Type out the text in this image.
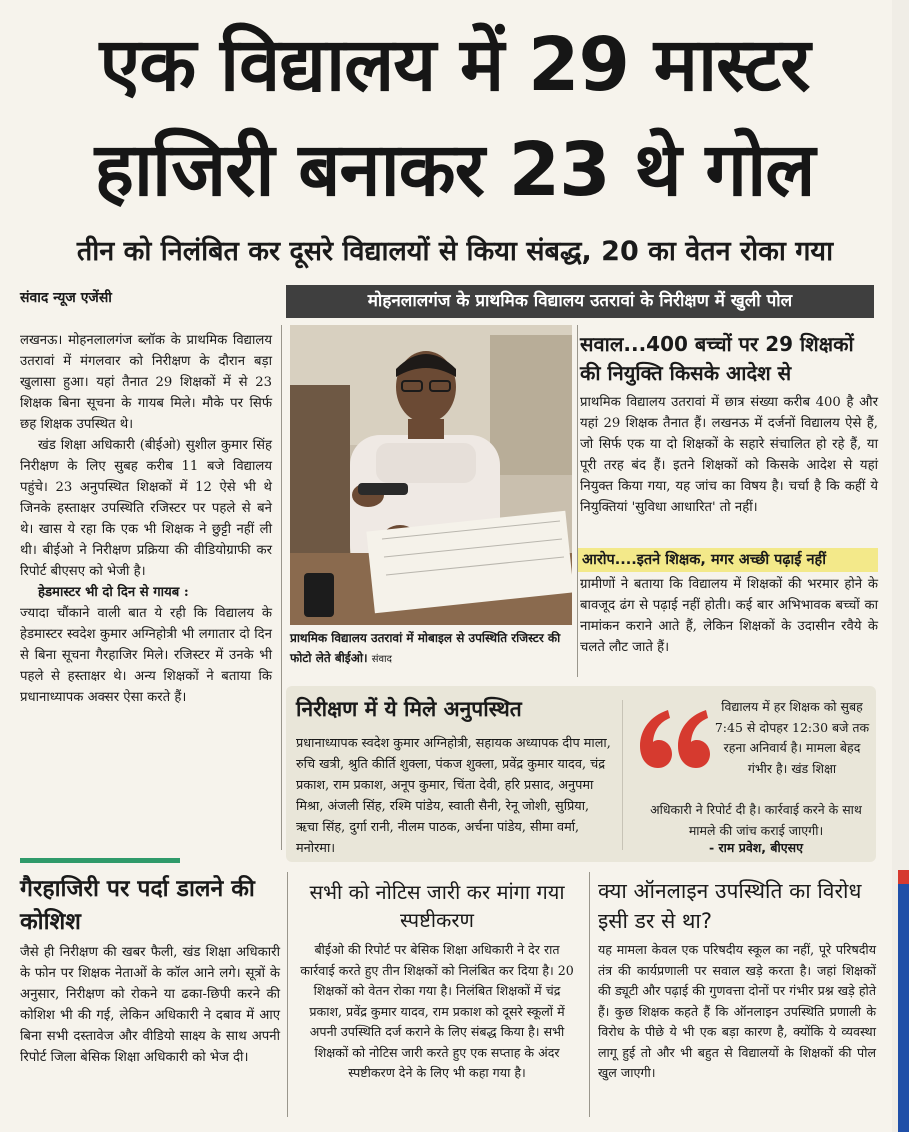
एक विद्यालय में 29 मास्टर
हाजिरी बनाकर 23 थे गोल
तीन को निलंबित कर दूसरे विद्यालयों से किया संबद्ध, 20 का वेतन रोका गया
संवाद न्यूज एजेंसी	मोहनलालगंज के प्राथमिक विद्यालय उतरावां के निरीक्षण में खुली पोल

लखनऊ। मोहनलालगंज ब्लॉक के प्राथमिक विद्यालय उतरावां में मंगलवार को निरीक्षण के दौरान बड़ा खुलासा हुआ। यहां तैनात 29 शिक्षकों में से 23 शिक्षक बिना सूचना के गायब मिले। मौके पर सिर्फ छह शिक्षक उपस्थित थे।

खंड शिक्षा अधिकारी (बीईओ) सुशील कुमार सिंह निरीक्षण के लिए सुबह करीब 11 बजे विद्यालय पहुंचे। 23 अनुपस्थित शिक्षकों में 12 ऐसे भी थे जिनके हस्ताक्षर उपस्थिति रजिस्टर पर पहले से बने थे। खास ये रहा कि एक भी शिक्षक ने छुट्टी नहीं ली थी। बीईओ ने निरीक्षण प्रक्रिया की वीडियोग्राफी कर रिपोर्ट बीएसए को भेजी है।

हेडमास्टर भी दो दिन से गायब :

ज्यादा चौंकाने वाली बात ये रही कि विद्यालय के हेडमास्टर स्वदेश कुमार अग्निहोत्री भी लगातार दो दिन से बिना सूचना गैरहाजिर मिले। रजिस्टर में उनके भी पहले से हस्ताक्षर थे। अन्य शिक्षकों ने बताया कि प्रधानाध्यापक अक्सर ऐसा करते हैं।

प्राथमिक विद्यालय उतरावां में मोबाइल से उपस्थिति रजिस्टर की फोटो लेते बीईओ। संवाद
सवाल...400 बच्चों पर 29 शिक्षकों की नियुक्ति किसके आदेश से
प्राथमिक विद्यालय उतरावां में छात्र संख्या करीब 400 है और यहां 29 शिक्षक तैनात हैं। लखनऊ में दर्जनों विद्यालय ऐसे हैं, जो सिर्फ एक या दो शिक्षकों के सहारे संचालित हो रहे हैं, या पूरी तरह बंद हैं। इतने शिक्षकों को किसके आदेश से यहां नियुक्त किया गया, यह जांच का विषय है। चर्चा है कि कहीं ये नियुक्तियां 'सुविधा आधारित' तो नहीं।
आरोप....इतने शिक्षक, मगर अच्छी पढ़ाई नहीं
ग्रामीणों ने बताया कि विद्यालय में शिक्षकों की भरमार होने के बावजूद ढंग से पढ़ाई नहीं होती। कई बार अभिभावक बच्चों का नामांकन कराने आते हैं, लेकिन शिक्षकों के उदासीन रवैये के चलते लौट जाते हैं।
निरीक्षण में ये मिले अनुपस्थित
प्रधानाध्यापक स्वदेश कुमार अग्निहोत्री, सहायक अध्यापक दीप माला, रुचि खत्री, श्रुति कीर्ति शुक्ला, पंकज शुक्ला, प्रवेंद्र कुमार यादव, चंद्र प्रकाश, राम प्रकाश, अनूप कुमार, चिंता देवी, हरि प्रसाद, अनुपमा मिश्रा, अंजली सिंह, रश्मि पांडेय, स्वाती सैनी, रेनू जोशी, सुप्रिया, ऋचा सिंह, दुर्गा रानी, नीलम पाठक, अर्चना पांडेय, सीमा वर्मा, मनोरमा।
विद्यालय में हर शिक्षक को सुबह 7:45 से दोपहर 12:30 बजे तक रहना अनिवार्य है। मामला बेहद गंभीर है। खंड शिक्षा
अधिकारी ने रिपोर्ट दी है। कार्रवाई करने के साथ मामले की जांच कराई जाएगी।
- राम प्रवेश, बीएसए
गैरहाजिरी पर पर्दा डालने की कोशिश
जैसे ही निरीक्षण की खबर फैली, खंड शिक्षा अधिकारी के फोन पर शिक्षक नेताओं के कॉल आने लगे। सूत्रों के अनुसार, निरीक्षण को रोकने या ढका-छिपी करने की कोशिश भी की गई, लेकिन अधिकारी ने दबाव में आए बिना सभी दस्तावेज और वीडियो साक्ष्य के साथ अपनी रिपोर्ट जिला बेसिक शिक्षा अधिकारी को भेज दी।
सभी को नोटिस जारी कर मांगा गया स्पष्टीकरण
बीईओ की रिपोर्ट पर बेसिक शिक्षा अधिकारी ने देर रात कार्रवाई करते हुए तीन शिक्षकों को निलंबित कर दिया है। 20 शिक्षकों को वेतन रोका गया है। निलंबित शिक्षकों में चंद्र प्रकाश, प्रवेंद्र कुमार यादव, राम प्रकाश को दूसरे स्कूलों में अपनी उपस्थिति दर्ज कराने के लिए संबद्ध किया है। सभी शिक्षकों को नोटिस जारी करते हुए एक सप्ताह के अंदर स्पष्टीकरण देने के लिए भी कहा गया है।
क्या ऑनलाइन उपस्थिति का विरोध इसी डर से था?
यह मामला केवल एक परिषदीय स्कूल का नहीं, पूरे परिषदीय तंत्र की कार्यप्रणाली पर सवाल खड़े करता है। जहां शिक्षकों की ड्यूटी और पढ़ाई की गुणवत्ता दोनों पर गंभीर प्रश्न खड़े होते हैं। कुछ शिक्षक कहते हैं कि ऑनलाइन उपस्थिति प्रणाली के विरोध के पीछे ये भी एक बड़ा कारण है, क्योंकि ये व्यवस्था लागू हुई तो और भी बहुत से विद्यालयों के शिक्षकों की पोल खुल जाएगी।
